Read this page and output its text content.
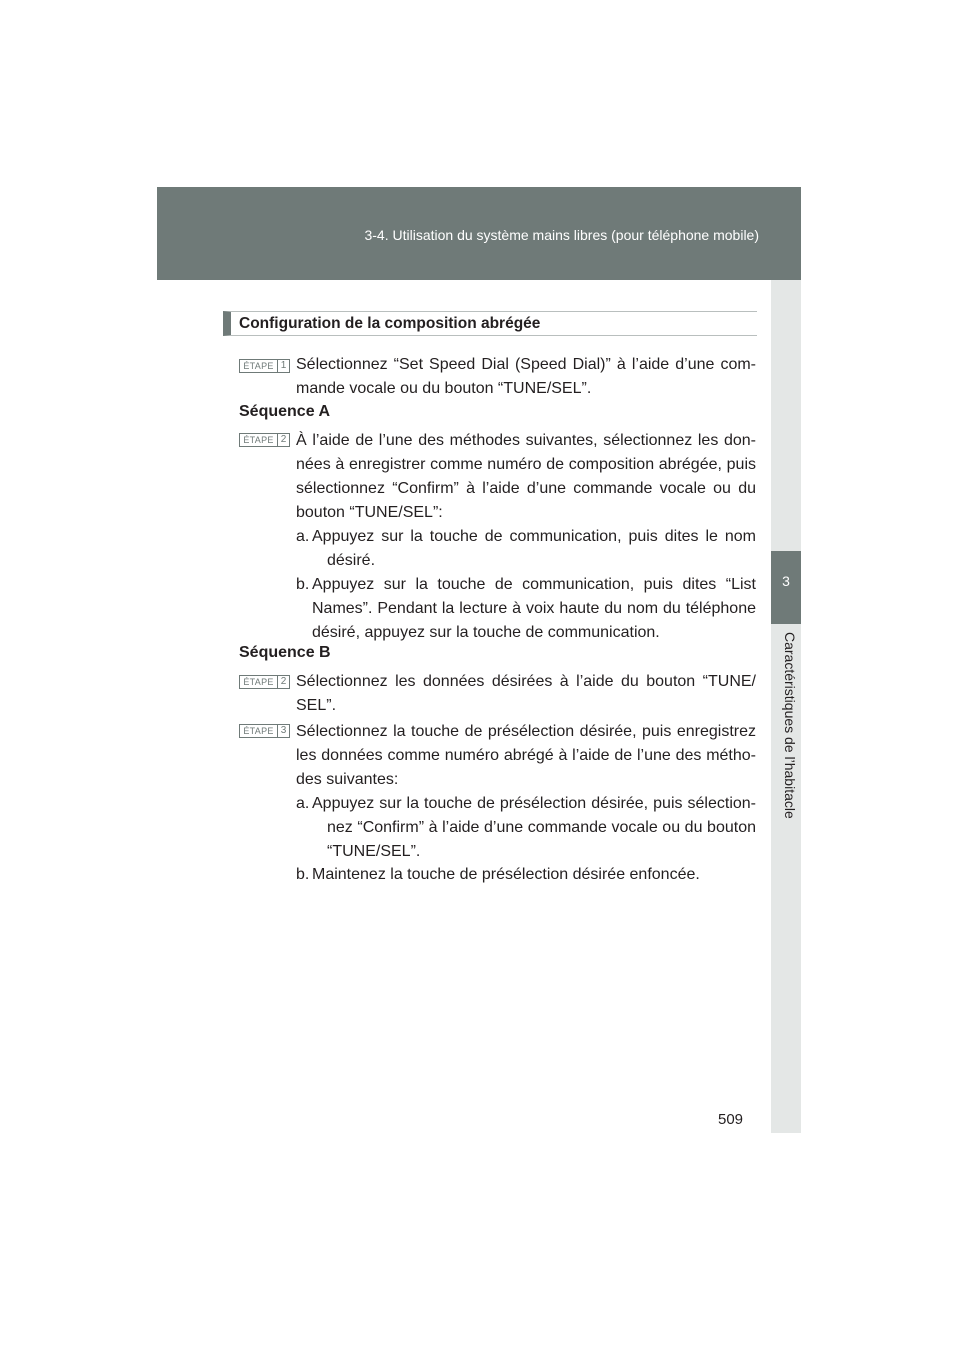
3-4. Utilisation du système mains libres (pour téléphone mobile)
3
Caractéristiques de l’habitacle
Configuration de la composition abrégée
ÉTAPE 1 Sélectionnez “Set Speed Dial (Speed Dial)” à l’aide d’une com-
mande vocale ou du bouton “TUNE/SEL”.
Séquence A
ÉTAPE 2 À l’aide de l’une des méthodes suivantes, sélectionnez les don-
nées à enregistrer comme numéro de composition abrégée, puis
sélectionnez “Confirm” à l’aide d’une commande vocale ou du
bouton “TUNE/SEL”:
a. Appuyez sur la touche de communication, puis dites le nom
désiré.
b. Appuyez sur la touche de communication, puis dites “List
Names”. Pendant la lecture à voix haute du nom du téléphone
désiré, appuyez sur la touche de communication.
Séquence B
ÉTAPE 2 Sélectionnez les données désirées à l’aide du bouton “TUNE/
SEL”.
ÉTAPE 3 Sélectionnez la touche de présélection désirée, puis enregistrez
les données comme numéro abrégé à l’aide de l’une des métho-
des suivantes:
a. Appuyez sur la touche de présélection désirée, puis sélection-
nez “Confirm” à l’aide d’une commande vocale ou du bouton
“TUNE/SEL”.
b. Maintenez la touche de présélection désirée enfoncée.
509
